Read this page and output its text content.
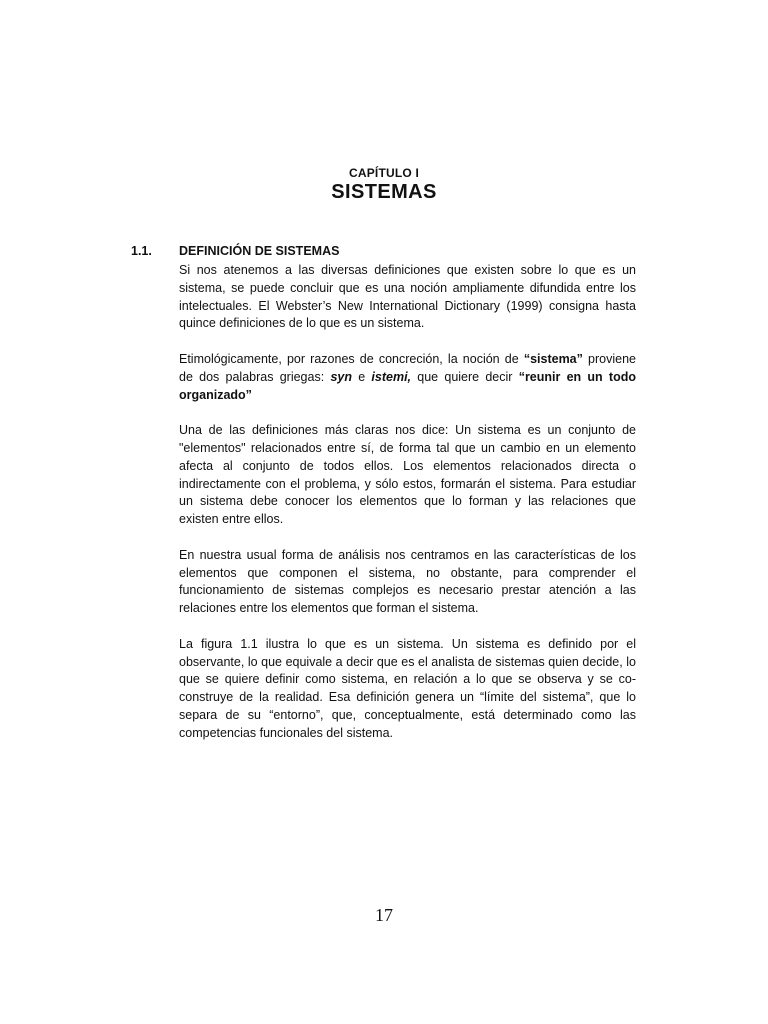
CAPÍTULO I
SISTEMAS
1.1. DEFINICIÓN DE SISTEMAS

Si nos atenemos a las diversas definiciones que existen sobre lo que es un sistema, se puede concluir que es una noción ampliamente difundida entre los intelectuales. El Webster’s New International Dictionary (1999) consigna hasta quince definiciones de lo que es un sistema.

Etimológicamente, por razones de concreción, la noción de “sistema” proviene de dos palabras griegas: syn e istemi, que quiere decir “reunir en un todo organizado”

Una de las definiciones más claras nos dice: Un sistema es un conjunto de "elementos" relacionados entre sí, de forma tal que un cambio en un elemento afecta al conjunto de todos ellos. Los elementos relacionados directa o indirectamente con el problema, y sólo estos, formarán el sistema. Para estudiar un sistema debe conocer los elementos que lo forman y las relaciones que existen entre ellos.

En nuestra usual forma de análisis nos centramos en las características de los elementos que componen el sistema, no obstante, para comprender el funcionamiento de sistemas complejos es necesario prestar atención a las relaciones entre los elementos que forman el sistema.

La figura 1.1 ilustra lo que es un sistema. Un sistema es definido por el observante, lo que equivale a decir que es el analista de sistemas quien decide, lo que se quiere definir como sistema, en relación a lo que se observa y se co-construye de la realidad. Esa definición genera un “límite del sistema”, que lo separa de su “entorno”, que, conceptualmente, está determinado como las competencias funcionales del sistema.

17
